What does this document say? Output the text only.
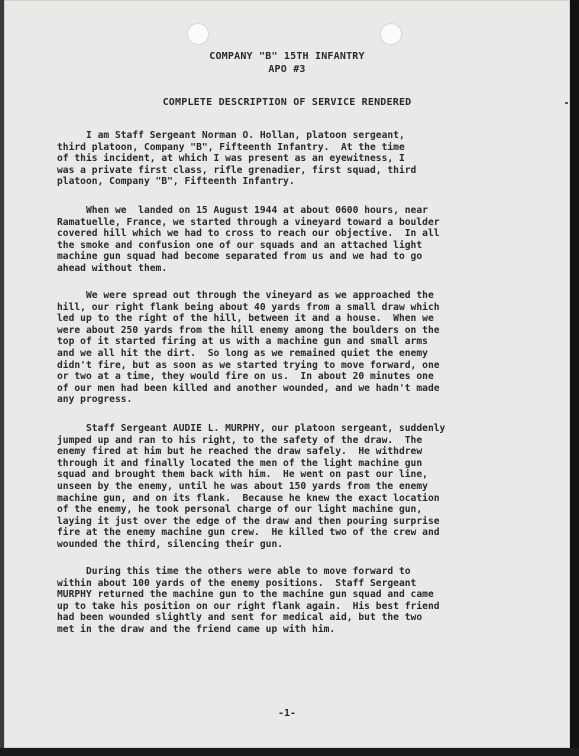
COMPANY "B" 15TH INFANTRY
APO #3
COMPLETE DESCRIPTION OF SERVICE RENDERED

I am Staff Sergeant Norman O. Hollan, platoon sergeant,
third platoon, Company "B", Fifteenth Infantry.  At the time
of this incident, at which I was present as an eyewitness, I
was a private first class, rifle grenadier, first squad, third
platoon, Company "B", Fifteenth Infantry.

When we  landed on 15 August 1944 at about 0600 hours, near
Ramatuelle, France, we started through a vineyard toward a boulder
covered hill which we had to cross to reach our objective.  In all
the smoke and confusion one of our squads and an attached light
machine gun squad had become separated from us and we had to go
ahead without them.

We were spread out through the vineyard as we approached the
hill, our right flank being about 40 yards from a small draw which
led up to the right of the hill, between it and a house.  When we
were about 250 yards from the hill enemy among the boulders on the
top of it started firing at us with a machine gun and small arms
and we all hit the dirt.  So long as we remained quiet the enemy
didn't fire, but as soon as we started trying to move forward, one
or two at a time, they would fire on us.  In about 20 minutes one
of our men had been killed and another wounded, and we hadn't made
any progress.

Staff Sergeant AUDIE L. MURPHY, our platoon sergeant, suddenly
jumped up and ran to his right, to the safety of the draw.  The
enemy fired at him but he reached the draw safely.  He withdrew
through it and finally located the men of the light machine gun
squad and brought them back with him.  He went on past our line,
unseen by the enemy, until he was about 150 yards from the enemy
machine gun, and on its flank.  Because he knew the exact location
of the enemy, he took personal charge of our light machine gun,
laying it just over the edge of the draw and then pouring surprise
fire at the enemy machine gun crew.  He killed two of the crew and
wounded the third, silencing their gun.

During this time the others were able to move forward to
within about 100 yards of the enemy positions.  Staff Sergeant
MURPHY returned the machine gun to the machine gun squad and came
up to take his position on our right flank again.  His best friend
had been wounded slightly and sent for medical aid, but the two
met in the draw and the friend came up with him.

-1-
